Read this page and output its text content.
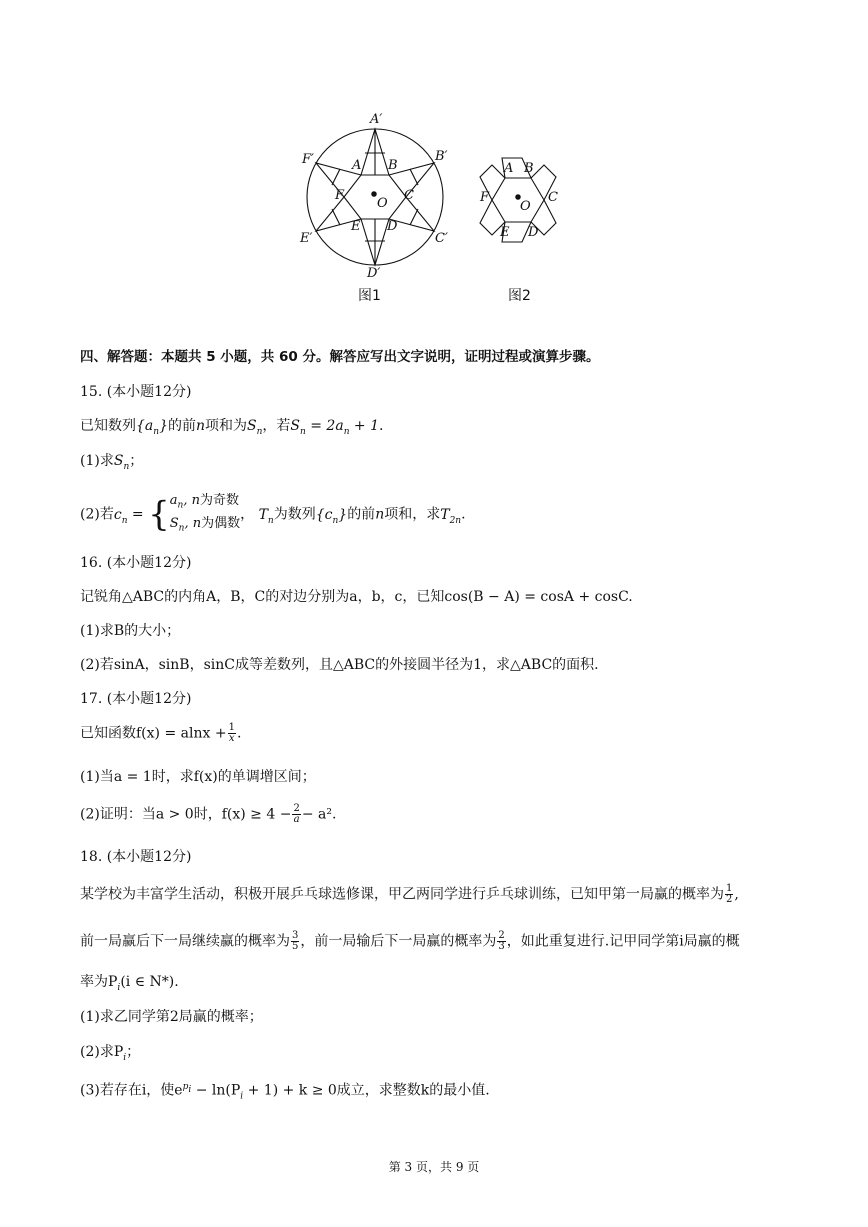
A′
B′
C′
D′
E′
F′	A B
C
D
E
F
O
图1
A B
C
D
E
F
O
图2
四、解答题：本题共 5 小题，共 60 分。解答应写出文字说明，证明过程或演算步骤。
15. (本小题12分)
已知数列$\{a_n\}$的前n项和为$S_n$，若$S_n = 2a_n + 1$.
(1)求$S_n$；
(2)若$c_n = \{a_n$, n为奇数
$S_n$, n为偶数， $T_n$为数列$\{c_n\}$的前n项和，求$T_{2n}$.
16. (本小题12分)
记锐角△ABC的内角A，B，C的对边分别为a，b，c，已知cos(B − A) = cosA + cosC.
(1)求B的大小；
(2)若sinA，sinB，sinC成等差数列，且△ABC的外接圆半径为1，求△ABC的面积.
17. (本小题12分)
已知函数$f(x) = alnx + \frac{1}{x}$ .
(1)当a = 1时，求f(x)的单调增区间；
(2)证明：当a > 0时，$f(x) \ge 4 - \frac{2}{a} - a^2$.
18. (本小题12分)
某学校为丰富学生活动，积极开展乒乓球选修课，甲乙两同学进行乒乓球训练，已知甲第一局赢的概率为 $\frac{1}{2}$ ,
前一局赢后下一局继续赢的概率为 $\frac{3}{5}$ ，前一局输后下一局赢的概率为 $\frac{2}{3}$ ，如此重复进行.记甲同学第i局赢的概
率为$P_i(i$ ∈ N*).
(1)求乙同学第2局赢的概率；
(2)求$P_i$；
(3)若存在i，使$e^{p_i} - \ln(P_i + 1) + k \ge 0$成立，求整数k的最小值.
第 3 页，共 9 页
